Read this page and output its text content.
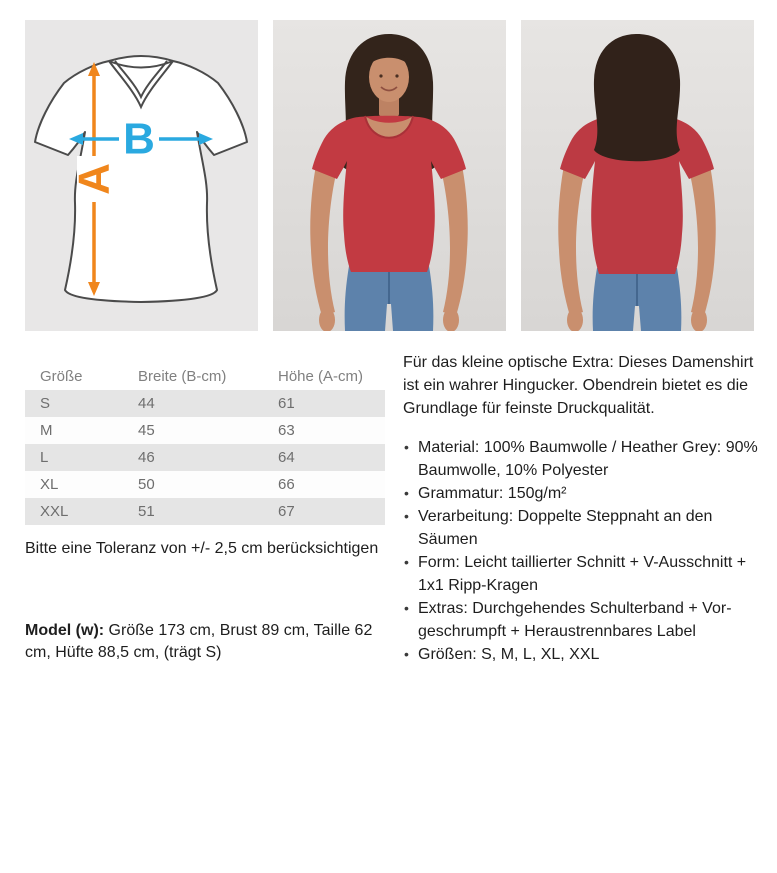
A
B
Größe	Breite (B-cm)	Höhe (A-cm)
S	44	61
M	45	63
L	46	64
XL	50	66
XXL	51	67

Bitte eine Toleranz von +/- 2,5 cm berücksichtigen

Model (w): Größe 173 cm, Brust 89 cm, Taille 62 cm, Hüfte 88,5 cm, (trägt S)

Für das kleine optische Extra: Dieses Damenshirt ist ein wahrer Hingucker. Obendrein bietet es die Grundlage für feinste Druckqualität.

• Material: 100% Baumwolle / Heather Grey: 90% Baumwolle, 10% Polyester
• Grammatur: 150g/m²
• Verarbeitung: Doppelte Steppnaht an den Säumen
• Form: Leicht taillierter Schnitt + V-Ausschnitt + 1x1 Ripp-Kragen
• Extras: Durchgehendes Schulterband + Vorgeschrumpft + Heraustrennbares Label
• Größen: S, M, L, XL, XXL
